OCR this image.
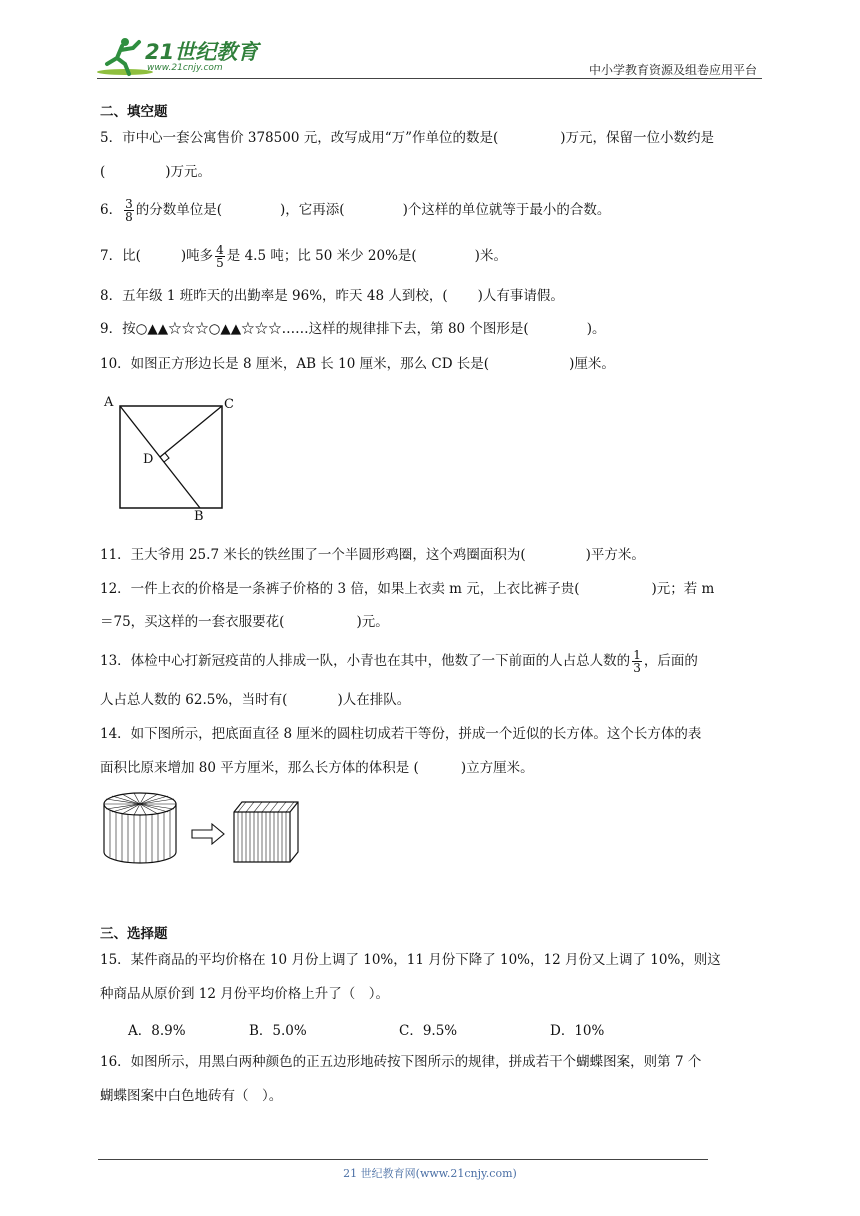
21世纪教育
www.21cnjy.com	中小学教育资源及组卷应用平台
二、填空题
5．市中心一套公寓售价 378500 元，改写成用“万”作单位的数是(	)万元，保留一位小数约是
(	)万元。
6． $\frac{3}{8}$ 的分数单位是(	)，它再添(	)个这样的单位就等于最小的合数。
7．比(	)吨多 $\frac{4}{5}$ 是 4.5 吨；比 50 米少 20%是(	)米。
8．五年级 1 班昨天的出勤率是 96%，昨天 48 人到校，( )人有事请假。
9．按○▲▲☆☆☆○▲▲☆☆☆……这样的规律排下去，第 80 个图形是(	)。
10．如图正方形边长是 8 厘米，AB 长 10 厘米，那么 CD 长是(	)厘米。
A	C
D
B
11．王大爷用 25.7 米长的铁丝围了一个半圆形鸡圈，这个鸡圈面积为(	)平方米。
12．一件上衣的价格是一条裤子价格的 3 倍，如果上衣卖 m 元，上衣比裤子贵(	)元；若 m
＝75，买这样的一套衣服要花(	)元。
13．体检中心打新冠疫苗的人排成一队，小青也在其中，他数了一下前面的人占总人数的 $\frac{1}{3}$ ，后面的
人占总人数的 62.5%，当时有(	)人在排队。
14．如下图所示，把底面直径 8 厘米的圆柱切成若干等份，拼成一个近似的长方体。这个长方体的表
面积比原来增加 80 平方厘米，那么长方体的体积是 (	)立方厘米。
三、选择题
15．某件商品的平均价格在 10 月份上调了 10%，11 月份下降了 10%，12 月份又上调了 10%，则这
种商品从原价到 12 月份平均价格上升了（　）。
A．8.9%	B．5.0%	C．9.5%	D．10%
16．如图所示，用黑白两种颜色的正五边形地砖按下图所示的规律，拼成若干个蝴蝶图案，则第 7 个
蝴蝶图案中白色地砖有（　）。
21 世纪教育网(www.21cnjy.com)
